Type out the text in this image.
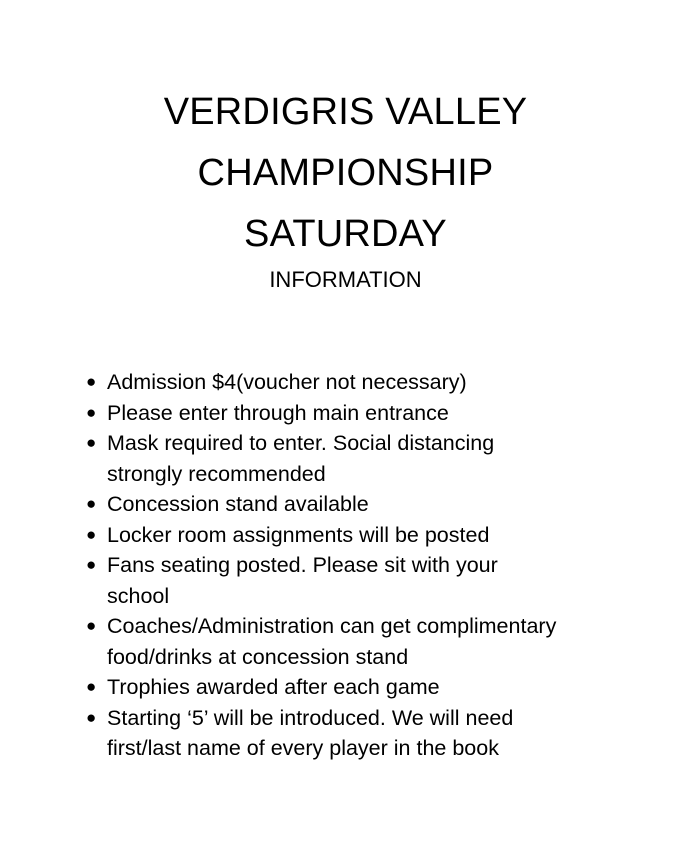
VERDIGRIS VALLEY
CHAMPIONSHIP
SATURDAY
INFORMATION
● Admission $4(voucher not necessary)
● Please enter through main entrance
● Mask required to enter. Social distancing
strongly recommended
● Concession stand available
● Locker room assignments will be posted
● Fans seating posted. Please sit with your
school
● Coaches/Administration can get complimentary
food/drinks at concession stand
● Trophies awarded after each game
● Starting ‘5’ will be introduced. We will need
first/last name of every player in the book
